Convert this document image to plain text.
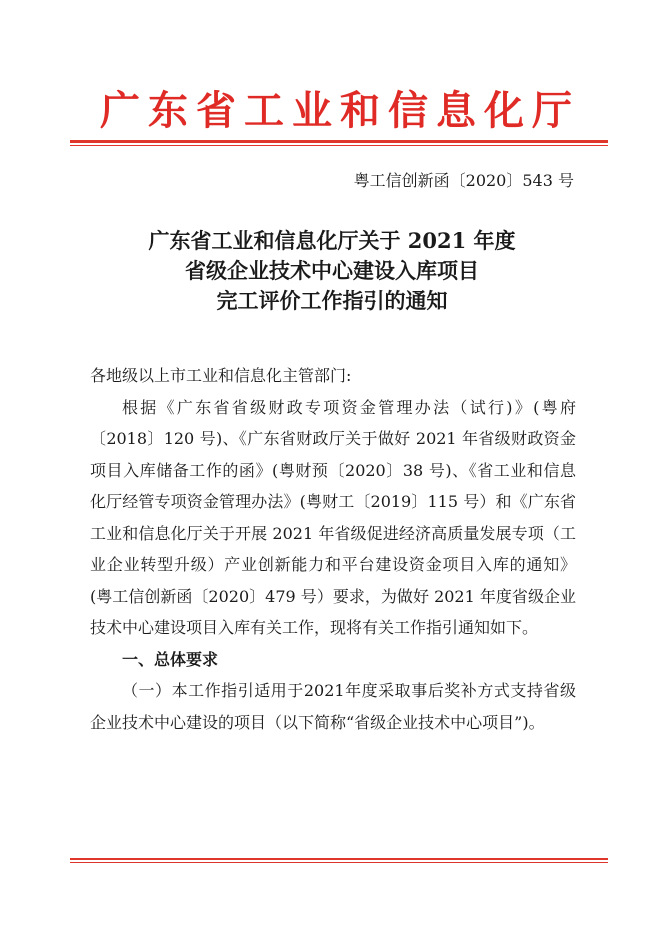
广东省工业和信息化厅
粤工信创新函〔2020〕543 号
广东省工业和信息化厅关于 2021 年度
省级企业技术中心建设入库项目
完工评价工作指引的通知

各地级以上市工业和信息化主管部门:

根据《广东省省级财政专项资金管理办法（试行)》(粤府〔2018〕120 号)、《广东省财政厅关于做好 2021 年省级财政资金项目入库储备工作的函》(粤财预〔2020〕38 号)、《省工业和信息化厅经管专项资金管理办法》(粤财工〔2019〕115 号）和《广东省工业和信息化厅关于开展 2021 年省级促进经济高质量发展专项（工业企业转型升级）产业创新能力和平台建设资金项目入库的通知》(粤工信创新函〔2020〕479 号）要求，为做好 2021 年度省级企业技术中心建设项目入库有关工作，现将有关工作指引通知如下。

一、总体要求

（一）本工作指引适用于2021年度采取事后奖补方式支持省级企业技术中心建设的项目（以下简称“省级企业技术中心项目”)。
